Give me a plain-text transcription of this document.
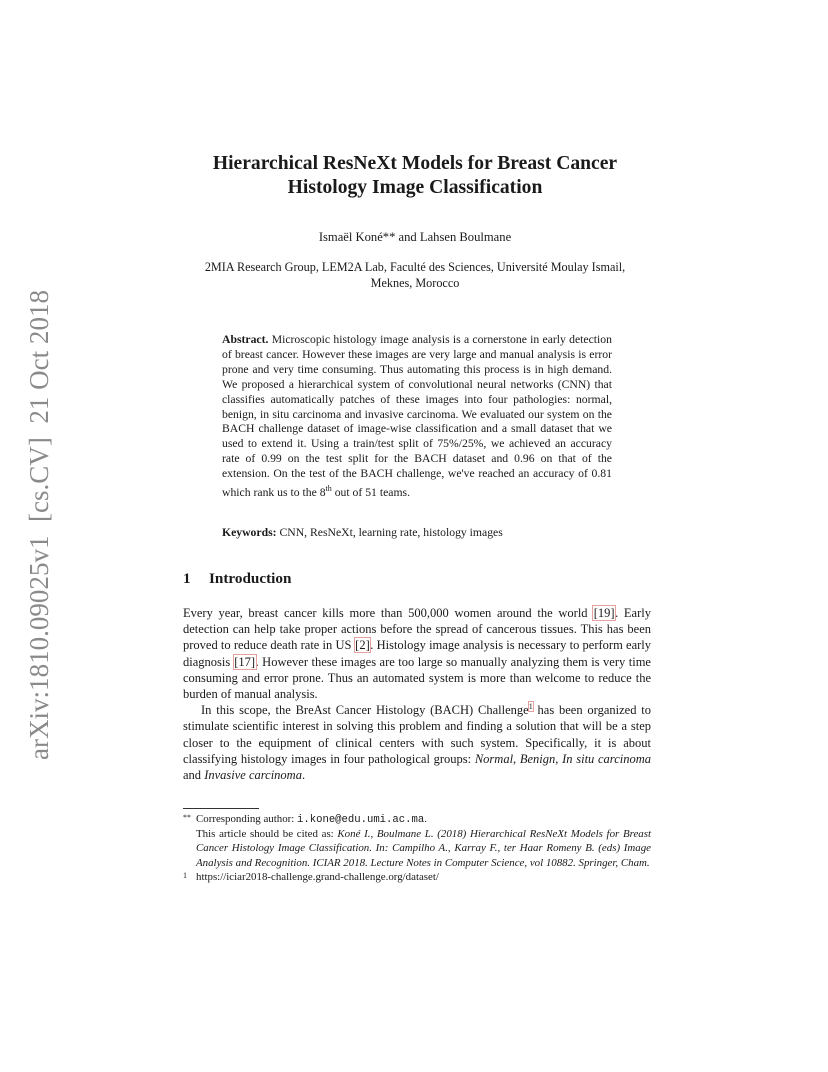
arXiv:1810.09025v1  [cs.CV]  21 Oct 2018
Hierarchical ResNeXt Models for Breast Cancer
Histology Image Classification
Ismaël Koné** and Lahsen Boulmane
2MIA Research Group, LEM2A Lab, Faculté des Sciences, Université Moulay Ismail,
Meknes, Morocco

Abstract. Microscopic histology image analysis is a cornerstone in early detection of breast cancer. However these images are very large and manual analysis is error prone and very time consuming. Thus automating this process is in high demand. We proposed a hierarchical system of convolutional neural networks (CNN) that classifies automatically patches of these images into four pathologies: normal, benign, in situ carcinoma and invasive carcinoma. We evaluated our system on the BACH challenge dataset of image-wise classification and a small dataset that we used to extend it. Using a train/test split of 75%/25%, we achieved an accuracy rate of 0.99 on the test split for the BACH dataset and 0.96 on that of the extension. On the test of the BACH challenge, we've reached an accuracy of 0.81 which rank us to the 8th out of 51 teams.

Keywords: CNN, ResNeXt, learning rate, histology images
1 Introduction

Every year, breast cancer kills more than 500,000 women around the world [19]. Early detection can help take proper actions before the spread of cancerous tissues. This has been proved to reduce death rate in US [2]. Histology image analysis is necessary to perform early diagnosis [17]. However these images are too large so manually analyzing them is very time consuming and error prone. Thus an automated system is more than welcome to reduce the burden of manual analysis.

In this scope, the BreAst Cancer Histology (BACH) Challenge$^1$ has been organized to stimulate scientific interest in solving this problem and finding a solution that will be a step closer to the equipment of clinical centers with such system. Specifically, it is about classifying histology images in four pathological groups: Normal, Benign, In situ carcinoma and Invasive carcinoma.

** Corresponding author: i.kone@edu.umi.ac.ma.
This article should be cited as: Koné I., Boulmane L. (2018) Hierarchical ResNeXt Models for Breast Cancer Histology Image Classification. In: Campilho A., Karray F., ter Haar Romeny B. (eds) Image Analysis and Recognition. ICIAR 2018. Lecture Notes in Computer Science, vol 10882. Springer, Cham.
1 https://iciar2018-challenge.grand-challenge.org/dataset/
